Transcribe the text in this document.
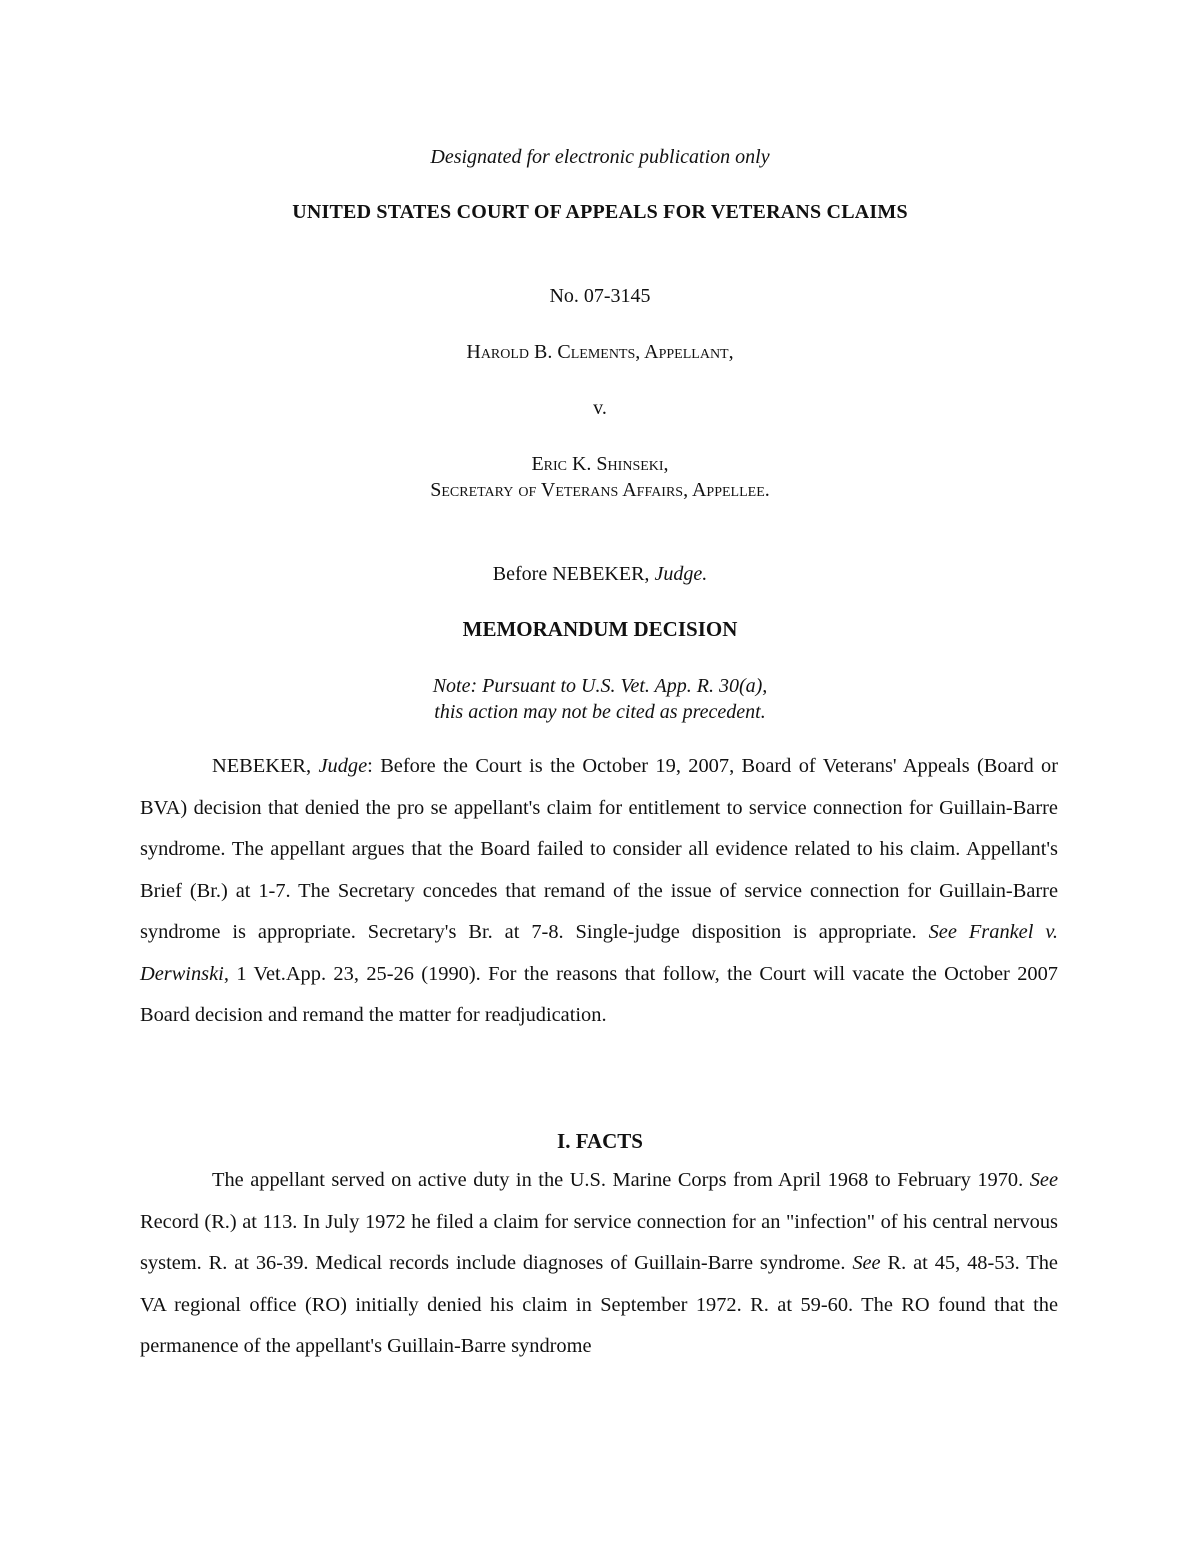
Designated for electronic publication only
UNITED STATES COURT OF APPEALS FOR VETERANS CLAIMS
No. 07-3145
Harold B. Clements, Appellant,
v.
Eric K. Shinseki,
Secretary of Veterans Affairs, Appellee.
Before NEBEKER, Judge.
MEMORANDUM DECISION
Note: Pursuant to U.S. Vet. App. R. 30(a),
this action may not be cited as precedent.

NEBEKER, Judge: Before the Court is the October 19, 2007, Board of Veterans' Appeals (Board or BVA) decision that denied the pro se appellant's claim for entitlement to service connection for Guillain-Barre syndrome. The appellant argues that the Board failed to consider all evidence related to his claim. Appellant's Brief (Br.) at 1-7. The Secretary concedes that remand of the issue of service connection for Guillain-Barre syndrome is appropriate. Secretary's Br. at 7-8. Single-judge disposition is appropriate. See Frankel v. Derwinski, 1 Vet.App. 23, 25-26 (1990). For the reasons that follow, the Court will vacate the October 2007 Board decision and remand the matter for readjudication.

I. FACTS

The appellant served on active duty in the U.S. Marine Corps from April 1968 to February 1970. See Record (R.) at 113. In July 1972 he filed a claim for service connection for an "infection" of his central nervous system. R. at 36-39. Medical records include diagnoses of Guillain-Barre syndrome. See R. at 45, 48-53. The VA regional office (RO) initially denied his claim in September 1972. R. at 59-60. The RO found that the permanence of the appellant's Guillain-Barre syndrome
